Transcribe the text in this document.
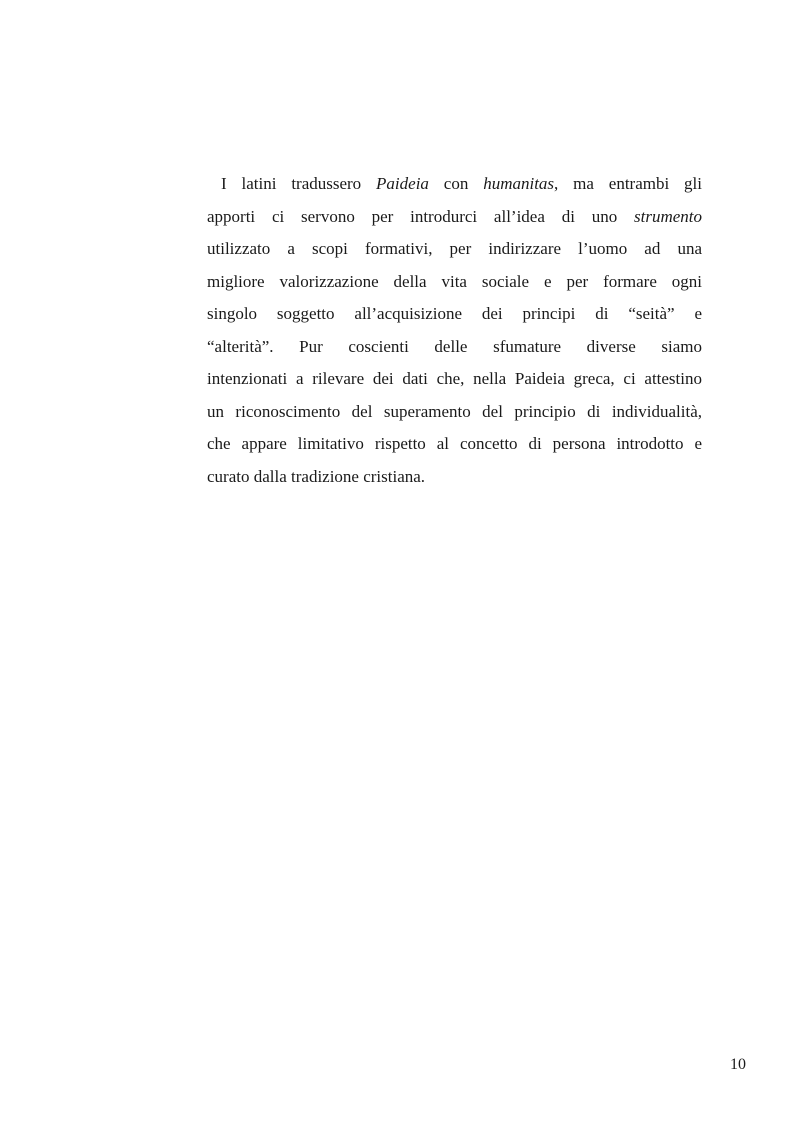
I latini tradussero Paideia con humanitas, ma entrambi gli
apporti ci servono per introdurci all’idea di uno strumento
utilizzato a scopi formativi, per indirizzare l’uomo ad una
migliore valorizzazione della vita sociale e per formare ogni
singolo soggetto all’acquisizione dei principi di “seità” e
“alterità”. Pur coscienti delle sfumature diverse siamo
intenzionati a rilevare dei dati che, nella Paideia greca, ci attestino
un riconoscimento del superamento del principio di individualità,
che appare limitativo rispetto al concetto di persona introdotto e
curato dalla tradizione cristiana.
10
